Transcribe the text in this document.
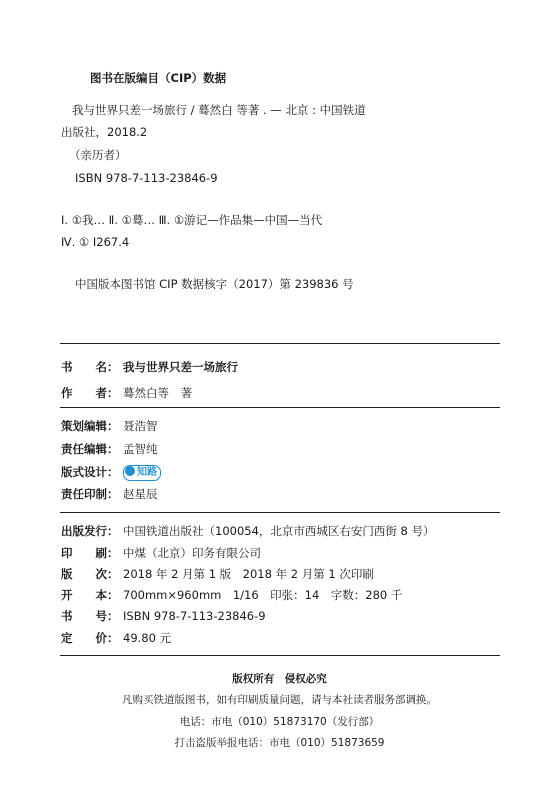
图书在版编目（CIP）数据
我与世界只差一场旅行 / 蓦然白 等著 . — 北京 : 中国铁道
出版社，2018.2
（亲历者）
ISBN 978-7-113-23846-9
Ⅰ. ①我… Ⅱ. ①蓦… Ⅲ. ①游记—作品集—中国—当代
Ⅳ. ① I267.4
中国版本图书馆 CIP 数据核字（2017）第 239836 号
书　　名： 我与世界只差一场旅行
作　　者： 蓦然白等　著
策划编辑： 聂浩智
责任编辑： 孟智纯
版式设计： 知路
责任印制： 赵星辰
出版发行： 中国铁道出版社（100054，北京市西城区右安门西街 8 号）
印　　刷： 中煤（北京）印务有限公司
版　　次： 2018 年 2 月第 1 版　2018 年 2 月第 1 次印刷
开　　本： 700mm×960mm　1/16　印张：14　字数：280 千
书　　号： ISBN 978-7-113-23846-9
定　　价： 49.80 元
版权所有　侵权必究
凡购买铁道版图书，如有印刷质量问题，请与本社读者服务部调换。
电话：市电（010）51873170（发行部）
打击盗版举报电话：市电（010）51873659
